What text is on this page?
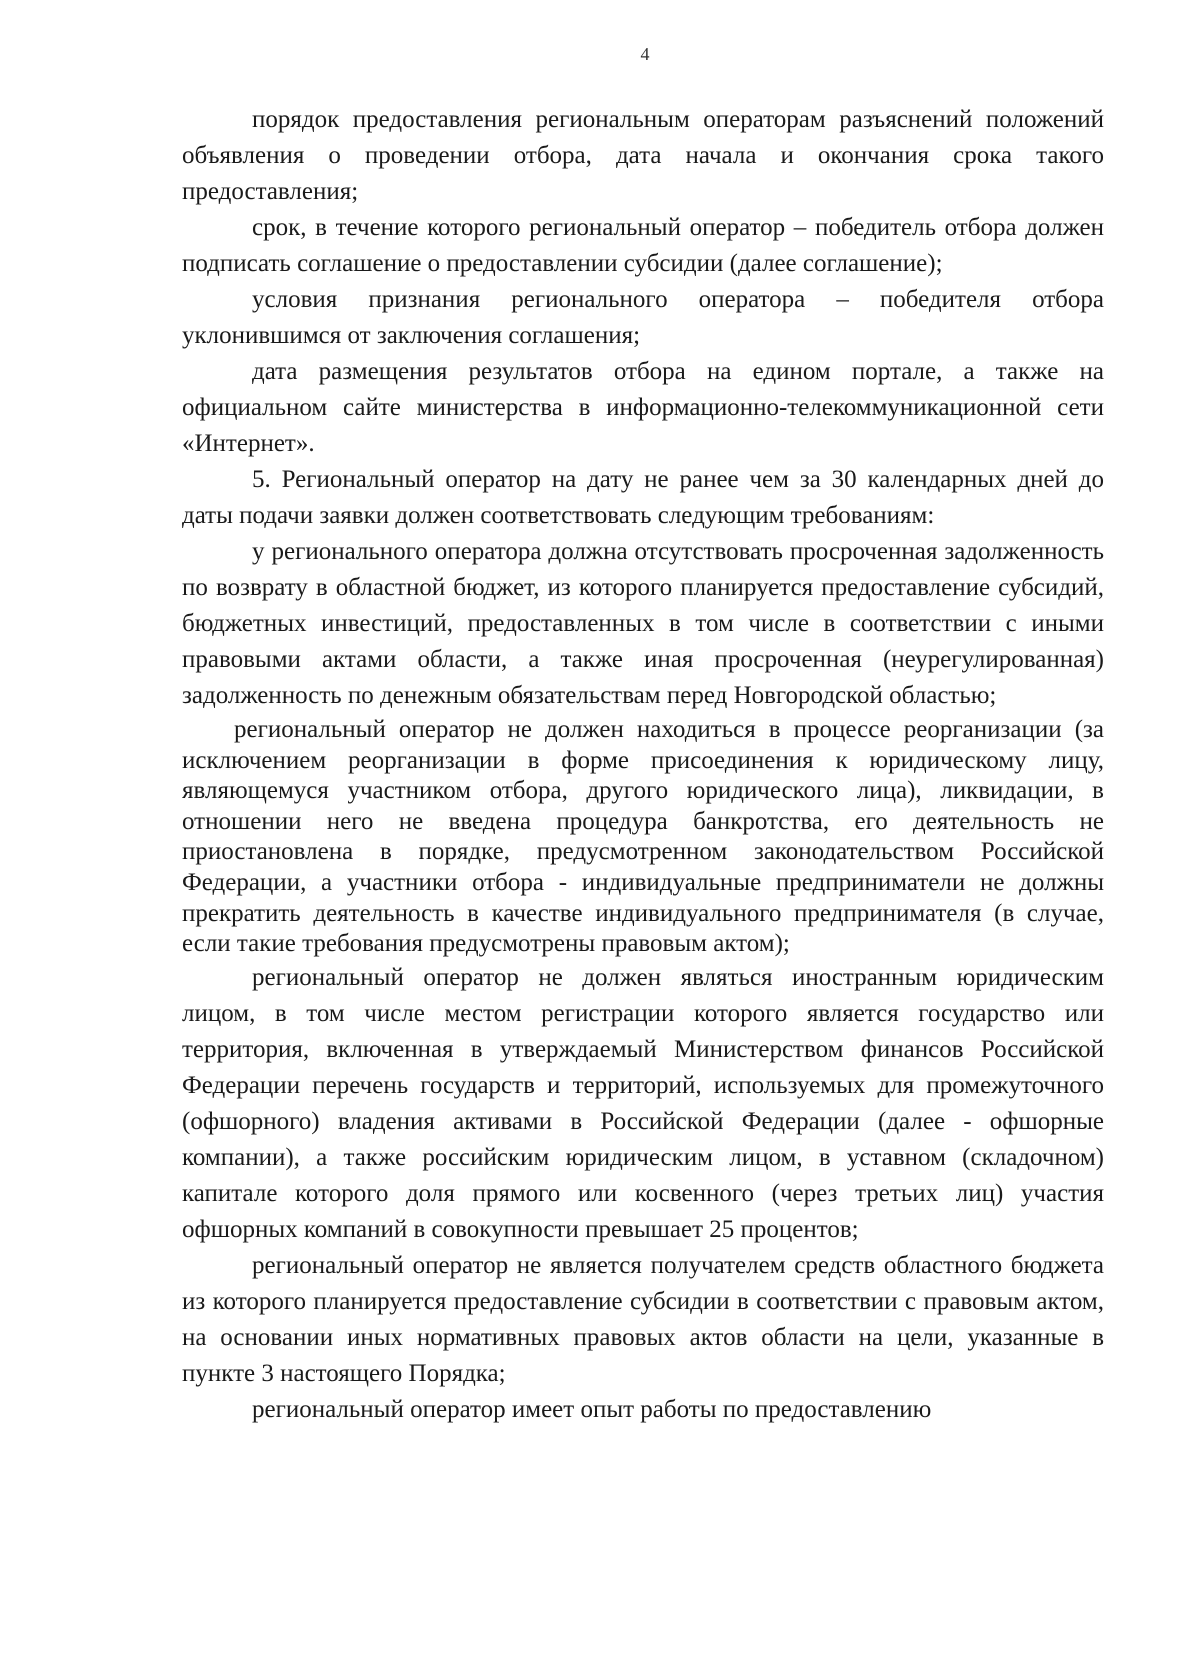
4

порядок предоставления региональным операторам разъяснений положений объявления о проведении отбора, дата начала и окончания срока такого предоставления;

срок, в течение которого региональный оператор – победитель отбора должен подписать соглашение о предоставлении субсидии (далее соглашение);

условия признания регионального оператора – победителя отбора уклонившимся от заключения соглашения;

дата размещения результатов отбора на едином портале, а также на официальном сайте министерства в информационно-телекоммуникационной сети «Интернет».

5. Региональный оператор на дату не ранее чем за 30 календарных дней до даты подачи заявки должен соответствовать следующим требованиям:

у регионального оператора должна отсутствовать просроченная задолженность по возврату в областной бюджет, из которого планируется предоставление субсидий, бюджетных инвестиций, предоставленных в том числе в соответствии с иными правовыми актами области, а также иная просроченная (неурегулированная) задолженность по денежным обязательствам перед Новгородской областью;

региональный оператор не должен находиться в процессе реорганизации (за исключением реорганизации в форме присоединения к юридическому лицу, являющемуся участником отбора, другого юридического лица), ликвидации, в отношении него не введена процедура банкротства, его деятельность не приостановлена в порядке, предусмотренном законодательством Российской Федерации, а участники отбора - индивидуальные предприниматели не должны прекратить деятельность в качестве индивидуального предпринимателя (в случае, если такие требования предусмотрены правовым актом);

региональный оператор не должен являться иностранным юридическим лицом, в том числе местом регистрации которого является государство или территория, включенная в утверждаемый Министерством финансов Российской Федерации перечень государств и территорий, используемых для промежуточного (офшорного) владения активами в Российской Федерации (далее - офшорные компании), а также российским юридическим лицом, в уставном (складочном) капитале которого доля прямого или косвенного (через третьих лиц) участия офшорных компаний в совокупности превышает 25 процентов;

региональный оператор не является получателем средств областного бюджета из которого планируется предоставление субсидии в соответствии с правовым актом, на основании иных нормативных правовых актов области на цели, указанные в пункте 3 настоящего Порядка;

региональный оператор имеет опыт работы по предоставлению
